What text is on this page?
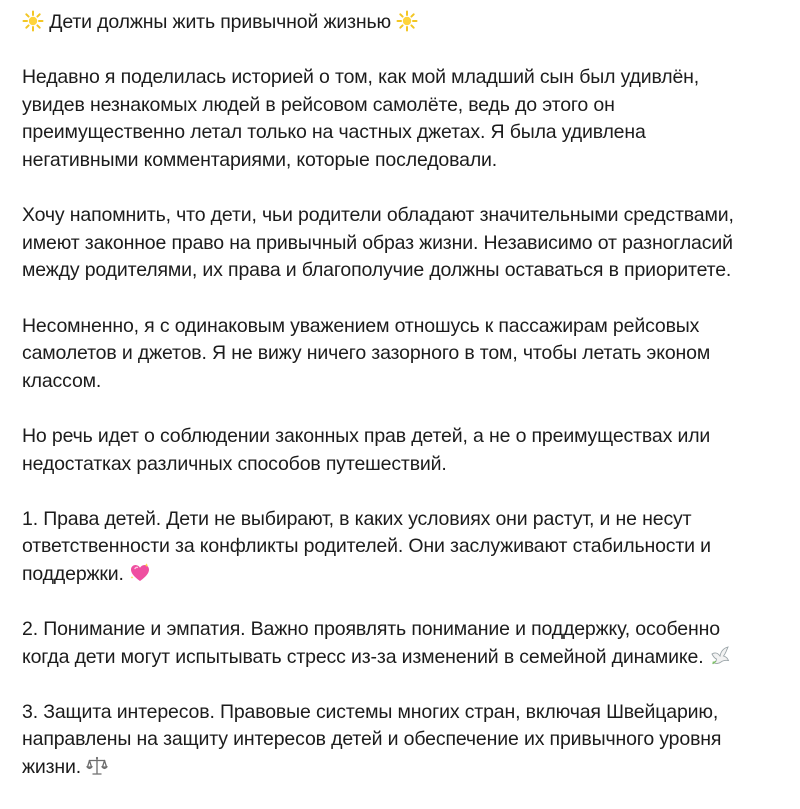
Дети должны жить привычной жизнью
Недавно я поделилась историей о том, как мой младший сын был удивлён,
увидев незнакомых людей в рейсовом самолёте, ведь до этого он
преимущественно летал только на частных джетах. Я была удивлена
негативными комментариями, которые последовали.
Хочу напомнить, что дети, чьи родители обладают значительными средствами,
имеют законное право на привычный образ жизни. Независимо от разногласий
между родителями, их права и благополучие должны оставаться в приоритете.
Несомненно, я с одинаковым уважением отношусь к пассажирам рейсовых
самолетов и джетов. Я не вижу ничего зазорного в том, чтобы летать эконом
классом.
Но речь идет о соблюдении законных прав детей, а не о преимуществах или
недостатках различных способов путешествий.
1. Права детей. Дети не выбирают, в каких условиях они растут, и не несут
ответственности за конфликты родителей. Они заслуживают стабильности и
поддержки.
2. Понимание и эмпатия. Важно проявлять понимание и поддержку, особенно
когда дети могут испытывать стресс из-за изменений в семейной динамике.
3. Защита интересов. Правовые системы многих стран, включая Швейцарию,
направлены на защиту интересов детей и обеспечение их привычного уровня
жизни.
